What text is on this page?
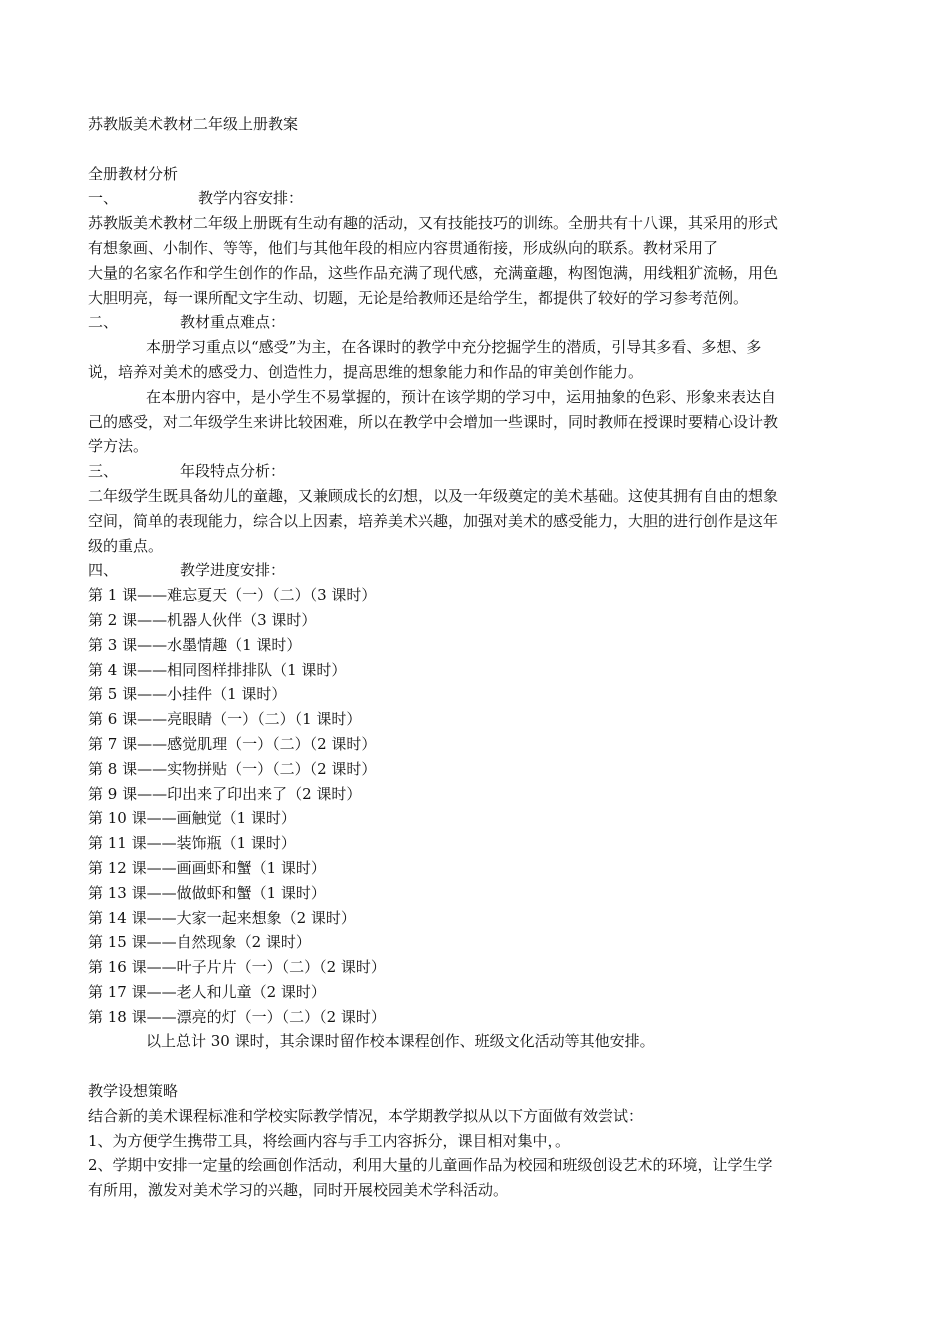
苏教版美术教材二年级上册教案

全册教材分析

一、	教学内容安排：

苏教版美术教材二年级上册既有生动有趣的活动，又有技能技巧的训练。全册共有十八课，其采用的形式

有想象画、小制作、等等，他们与其他年段的相应内容贯通衔接，形成纵向的联系。教材采用了

大量的名家名作和学生创作的作品，这些作品充满了现代感，充满童趣，构图饱满，用线粗犷流畅，用色

大胆明亮，每一课所配文字生动、切题，无论是给教师还是给学生，都提供了较好的学习参考范例。

二、	教材重点难点：

本册学习重点以“感受”为主，在各课时的教学中充分挖掘学生的潜质，引导其多看、多想、多

说，培养对美术的感受力、创造性力，提高思维的想象能力和作品的审美创作能力。

在本册内容中，是小学生不易掌握的，预计在该学期的学习中，运用抽象的色彩、形象来表达自

己的感受，对二年级学生来讲比较困难，所以在教学中会增加一些课时，同时教师在授课时要精心设计教

学方法。

三、	年段特点分析：

二年级学生既具备幼儿的童趣，又兼顾成长的幻想，以及一年级奠定的美术基础。这使其拥有自由的想象

空间，简单的表现能力，综合以上因素，培养美术兴趣，加强对美术的感受能力，大胆的进行创作是这年

级的重点。

四、	教学进度安排：

第 1 课——难忘夏天（一）（二）（3 课时）

第 2 课——机器人伙伴（3 课时）

第 3 课——水墨情趣（1 课时）

第 4 课——相同图样排排队（1 课时）

第 5 课——小挂件（1 课时）

第 6 课——亮眼睛（一）（二）（1 课时）

第 7 课——感觉肌理（一）（二）（2 课时）

第 8 课——实物拼贴（一）（二）（2 课时）

第 9 课——印出来了印出来了（2 课时）

第 10 课——画触觉（1 课时）

第 11 课——装饰瓶（1 课时）

第 12 课——画画虾和蟹（1 课时）

第 13 课——做做虾和蟹（1 课时）

第 14 课——大家一起来想象（2 课时）

第 15 课——自然现象（2 课时）

第 16 课——叶子片片（一）（二）（2 课时）

第 17 课——老人和儿童（2 课时）

第 18 课——漂亮的灯（一）（二）（2 课时）

以上总计 30 课时，其余课时留作校本课程创作、班级文化活动等其他安排。

教学设想策略

结合新的美术课程标准和学校实际教学情况，本学期教学拟从以下方面做有效尝试：

1、为方便学生携带工具，将绘画内容与手工内容拆分，课目相对集中，。

2、学期中安排一定量的绘画创作活动，利用大量的儿童画作品为校园和班级创设艺术的环境，让学生学

有所用，激发对美术学习的兴趣，同时开展校园美术学科活动。
